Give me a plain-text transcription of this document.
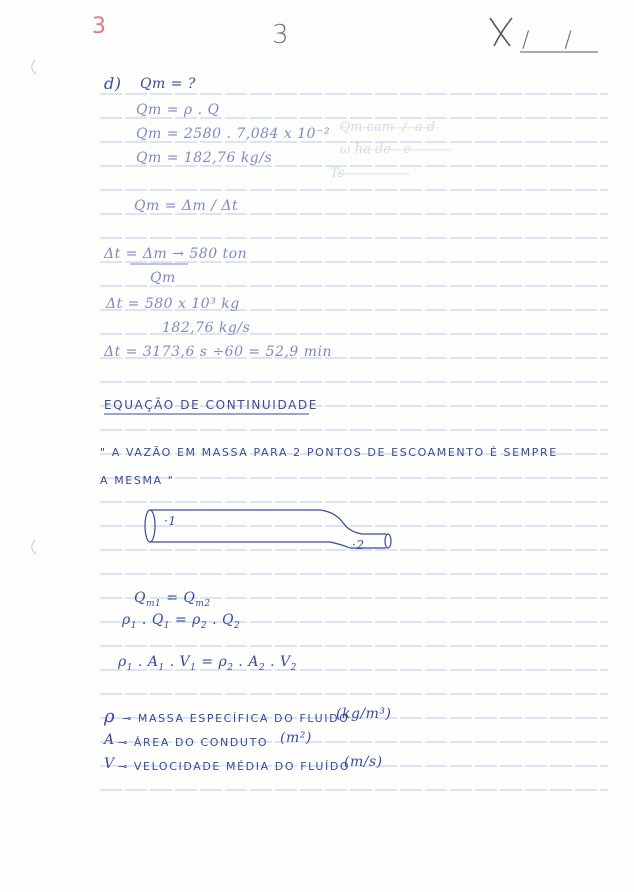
⠀Q̶m̶ ̶c̶a̶m̶ ̶ ̶/̶ ̶ ̶a̶ ̶d̶ ̶
ω h̶a̶ ̶d̶e̶ ̶ ̶ ̶e̶ ̶ ̶ ̶ ̶ ̶ ̶ ̶ ̶ ̶ ̶
Ts̶ ̶ ̶ ̶ ̶ ̶ ̶ ̶ ̶ ̶ ̶ ̶ ̶ ̶ ̶ ̶ ̶
3	3	/ /
d) Qm = ?
Qm = ρ . Q
Qm = 2580 . 7,084 x 10⁻²
Qm = 182,76 kg/s
Qm = Δm / Δt
Δt = Δm → 580 ton
Qm
Δt = 580 x 10³ kg
182,76 kg/s
Δt = 3173,6 s ÷60 = 52,9 min
EQUAÇÃO DE CONTINUIDADE
" A VAZÃO EM MASSA PARA 2 PONTOS DE ESCOAMENTO É SEMPRE
A MESMA "
·1
·2
$Q_{m1} = Q_{m2}$
$\rho_1$ . $Q_1 = \rho_2$ . $Q_2$
$\rho_1$ . $A_1$ . $V_1 = \rho_2$ . $A_2$ . $V_2$
ρ ⊸ MASSA ESPECÍFICA DO FLUIDO
(kg/m³)
A ⊸ ÁREA DO CONDUTO (m²)
V ⊸ VELOCIDADE MÉDIA DO FLUÍDO
(m/s)
